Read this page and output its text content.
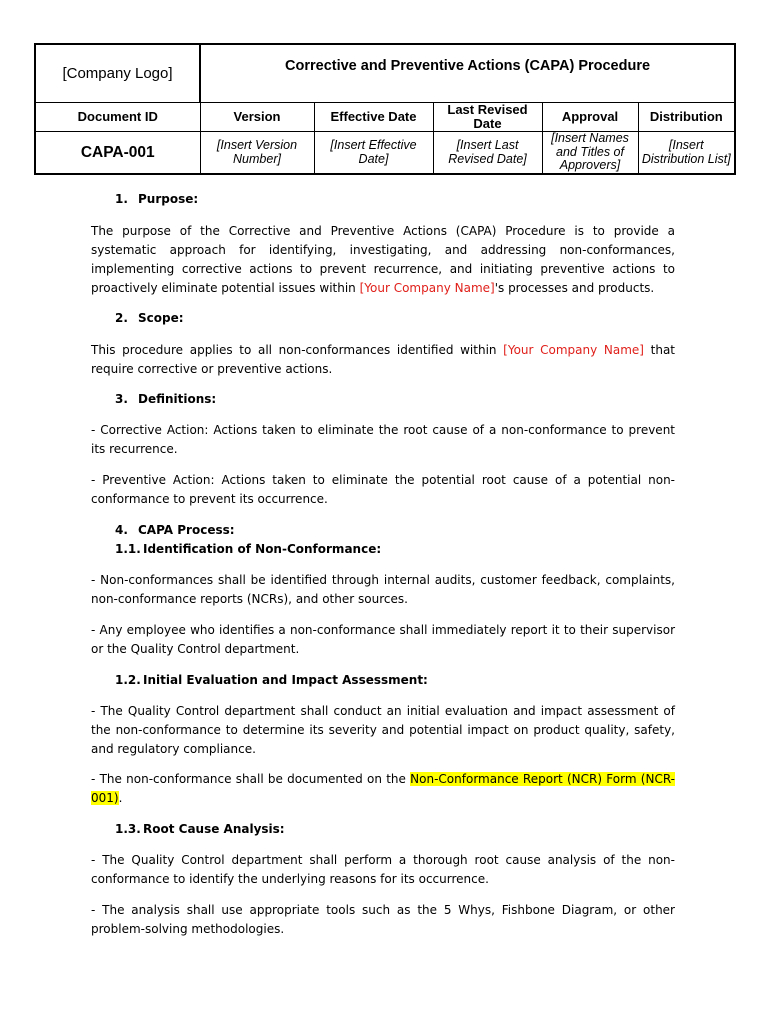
[Company Logo]	Corrective and Preventive Actions (CAPA) Procedure				
Document ID	Version	Effective Date	Last Revised Date	Approval	Distribution
CAPA-001	[Insert Version Number]	[Insert Effective Date]	[Insert Last Revised Date]	[Insert Names and Titles of Approvers]	[Insert Distribution List]
1. Purpose:

The purpose of the Corrective and Preventive Actions (CAPA) Procedure is to provide a systematic approach for identifying, investigating, and addressing non-conformances, implementing corrective actions to prevent recurrence, and initiating preventive actions to proactively eliminate potential issues within [Your Company Name]'s processes and products.

2. Scope:

This procedure applies to all non-conformances identified within [Your Company Name] that require corrective or preventive actions.

3. Definitions:

- Corrective Action: Actions taken to eliminate the root cause of a non-conformance to prevent its recurrence.

- Preventive Action: Actions taken to eliminate the potential root cause of a potential non-conformance to prevent its occurrence.

4. CAPA Process:
1.1. Identification of Non-Conformance:

- Non-conformances shall be identified through internal audits, customer feedback, complaints, non-conformance reports (NCRs), and other sources.

- Any employee who identifies a non-conformance shall immediately report it to their supervisor or the Quality Control department.

1.2. Initial Evaluation and Impact Assessment:

- The Quality Control department shall conduct an initial evaluation and impact assessment of the non-conformance to determine its severity and potential impact on product quality, safety, and regulatory compliance.

- The non-conformance shall be documented on the Non-Conformance Report (NCR) Form (NCR-001).

1.3. Root Cause Analysis:

- The Quality Control department shall perform a thorough root cause analysis of the non-conformance to identify the underlying reasons for its occurrence.

- The analysis shall use appropriate tools such as the 5 Whys, Fishbone Diagram, or other problem-solving methodologies.
